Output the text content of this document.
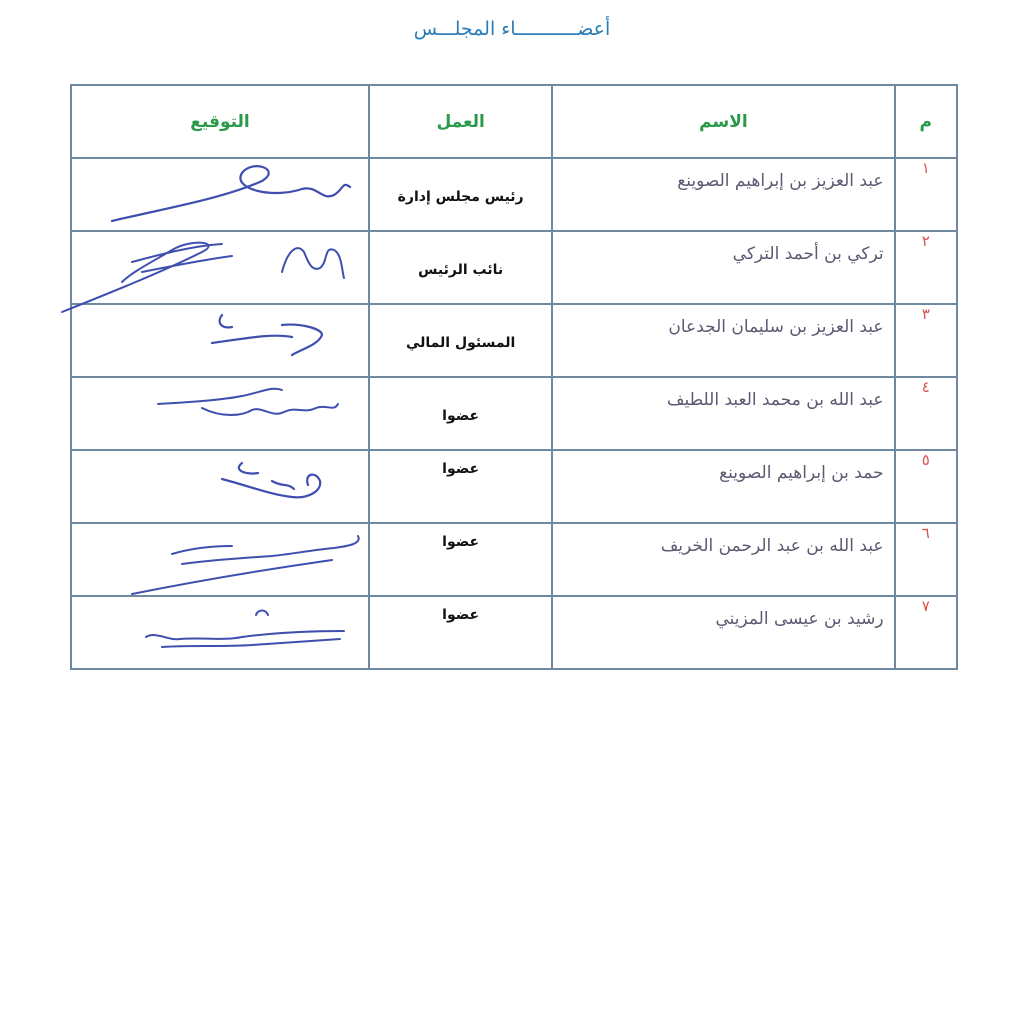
أعضـــــــــــاء المجلـــس
م	الاسم	العمل	التوقيع
١	عبد العزيز بن إبراهيم الصوينع	رئيس مجلس إدارة

٢	تركي بن أحمد التركي	نائب الرئيس

٣	عبد العزيز بن سليمان الجدعان	المسئول المالي

٤	عبد الله بن محمد العبد اللطيف	عضوا

٥	حمد بن إبراهيم الصوينع	عضوا

٦	عبد الله بن عبد الرحمن الخريف	عضوا

٧	رشيد بن عيسى المزيني	عضوا
